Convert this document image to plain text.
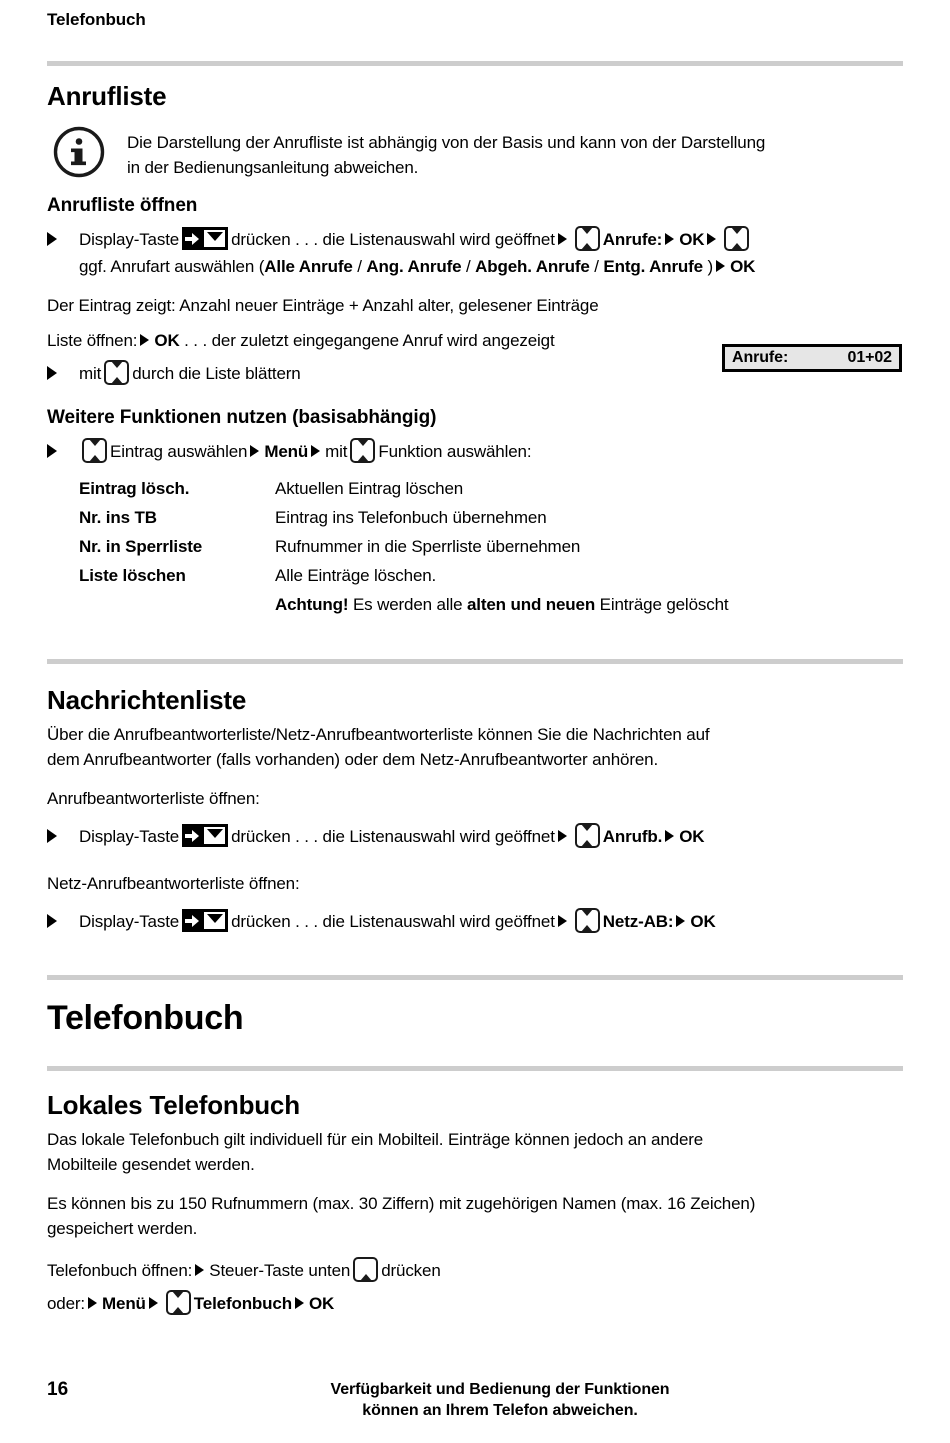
Telefonbuch
Anrufliste
Die Darstellung der Anrufliste ist abhängig von der Basis und kann von der Darstellung
in der Bedienungsanleitung abweichen.
Anrufliste öffnen
Display-Taste	drücken . . . die Listenauswahl wird geöffnet	Anrufe: OK

ggf. Anrufart auswählen (Alle Anrufe / Ang. Anrufe / Abgeh. Anrufe / Entg. Anrufe ) OK
Der Eintrag zeigt: Anzahl neuer Einträge + Anzahl alter, gelesener Einträge
Liste öffnen: OK . . . der zuletzt eingegangene Anruf wird angezeigt
mit durch die Liste blättern
Anrufe:	01+02
Weitere Funktionen nutzen (basisabhängig)
Eintrag auswählen Menü mit Funktion auswählen:
Eintrag lösch.	Aktuellen Eintrag löschen
Nr. ins TB	Eintrag ins Telefonbuch übernehmen
Nr. in Sperrliste	Rufnummer in die Sperrliste übernehmen
Liste löschen	Alle Einträge löschen.
Achtung! Es werden alle alten und neuen Einträge gelöscht
Nachrichtenliste

Über die Anrufbeantworterliste/Netz-Anrufbeantworterliste können Sie die Nachrichten auf
dem Anrufbeantworter (falls vorhanden) oder dem Netz-Anrufbeantworter anhören.

Anrufbeantworterliste öffnen:

Display-Taste	drücken . . . die Listenauswahl wird geöffnet	Anrufb. OK

Netz-Anrufbeantworterliste öffnen:

Display-Taste	drücken . . . die Listenauswahl wird geöffnet	Netz-AB: OK
Telefonbuch
Lokales Telefonbuch

Das lokale Telefonbuch gilt individuell für ein Mobilteil. Einträge können jedoch an andere
Mobilteile gesendet werden.

Es können bis zu 150 Rufnummern (max. 30 Ziffern) mit zugehörigen Namen (max. 16 Zeichen)
gespeichert werden.

Telefonbuch öffnen: Steuer-Taste unten drücken
oder: Menü	Telefonbuch OK
16	Verfügbarkeit und Bedienung der Funktionen
können an Ihrem Telefon abweichen.
